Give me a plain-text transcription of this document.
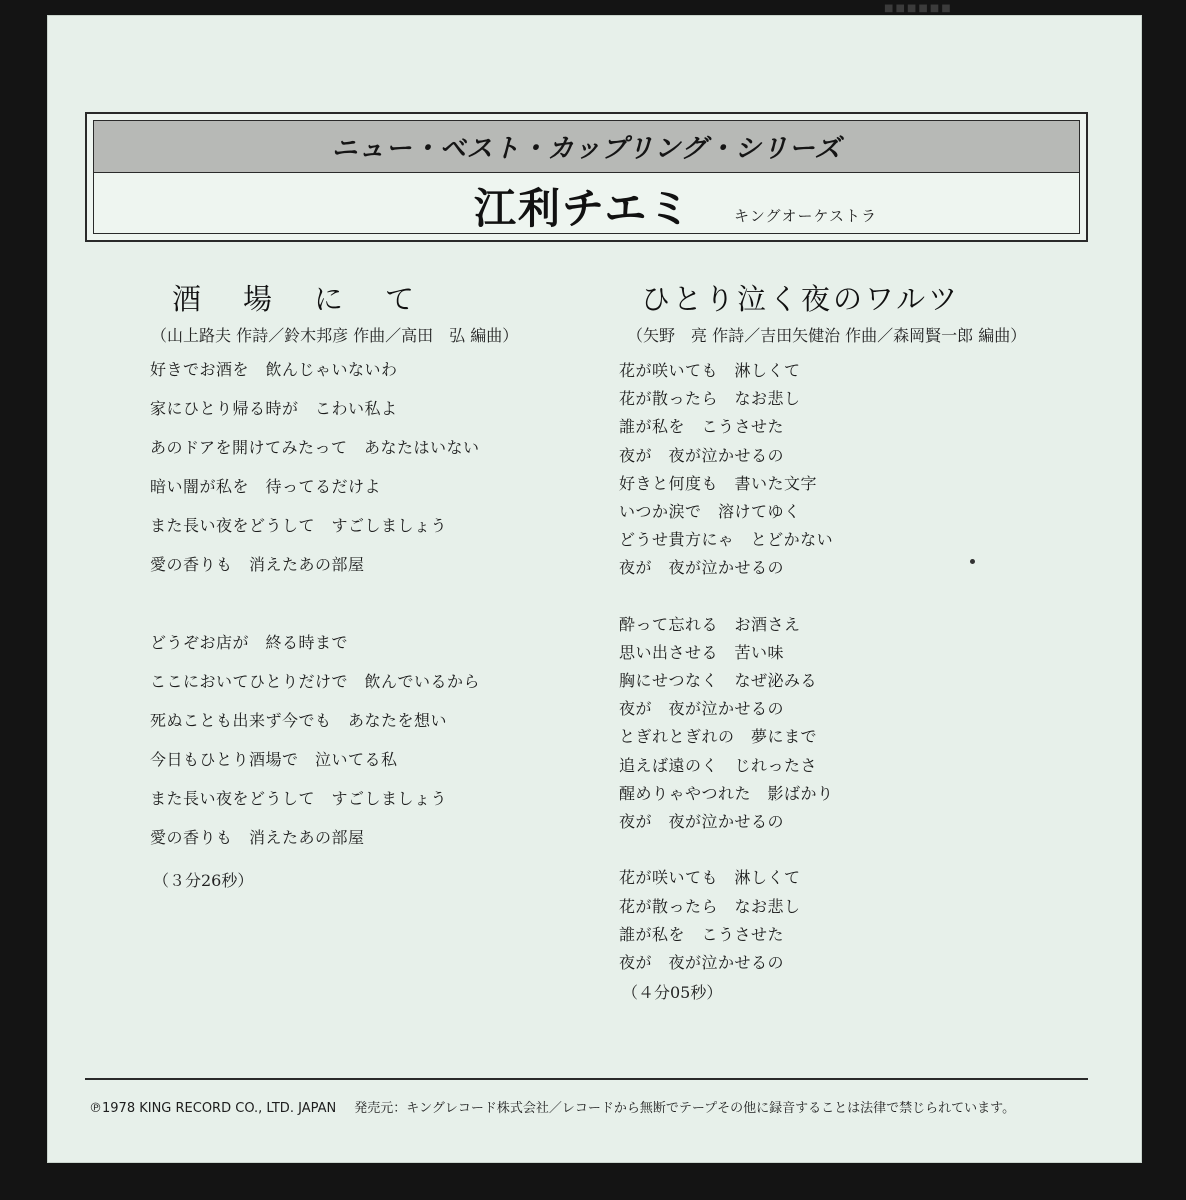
■■■■■■
ニュー・ベスト・カップリング・シリーズ
江利チエミ	キングオーケストラ
酒場にて
（山上路夫 作詩／鈴木邦彦 作曲／高田　弘 編曲）
好きでお酒を　飲んじゃいないわ
家にひとり帰る時が　こわい私よ
あのドアを開けてみたって　あなたはいない
暗い闇が私を　待ってるだけよ
また長い夜をどうして　すごしましょう
愛の香りも　消えたあの部屋
どうぞお店が　終る時まで
ここにおいてひとりだけで　飲んでいるから
死ぬことも出来ず今でも　あなたを想い
今日もひとり酒場で　泣いてる私
また長い夜をどうして　すごしましょう
愛の香りも　消えたあの部屋
（３分26秒）
ひとり泣く夜のワルツ
（矢野　亮 作詩／吉田矢健治 作曲／森岡賢一郎 編曲）
花が咲いても　淋しくて
花が散ったら　なお悲し
誰が私を　こうさせた
夜が　夜が泣かせるの
好きと何度も　書いた文字
いつか涙で　溶けてゆく
どうせ貴方にゃ　とどかない
夜が　夜が泣かせるの
酔って忘れる　お酒さえ
思い出させる　苦い味
胸にせつなく　なぜ泌みる
夜が　夜が泣かせるの
とぎれとぎれの　夢にまで
追えば遠のく　じれったさ
醒めりゃやつれた　影ばかり
夜が　夜が泣かせるの
花が咲いても　淋しくて
花が散ったら　なお悲し
誰が私を　こうさせた
夜が　夜が泣かせるの
（４分05秒）
℗1978 KING RECORD CO., LTD. JAPAN 発売元：キングレコード株式会社／レコードから無断でテープその他に録音することは法律で禁じられています。
